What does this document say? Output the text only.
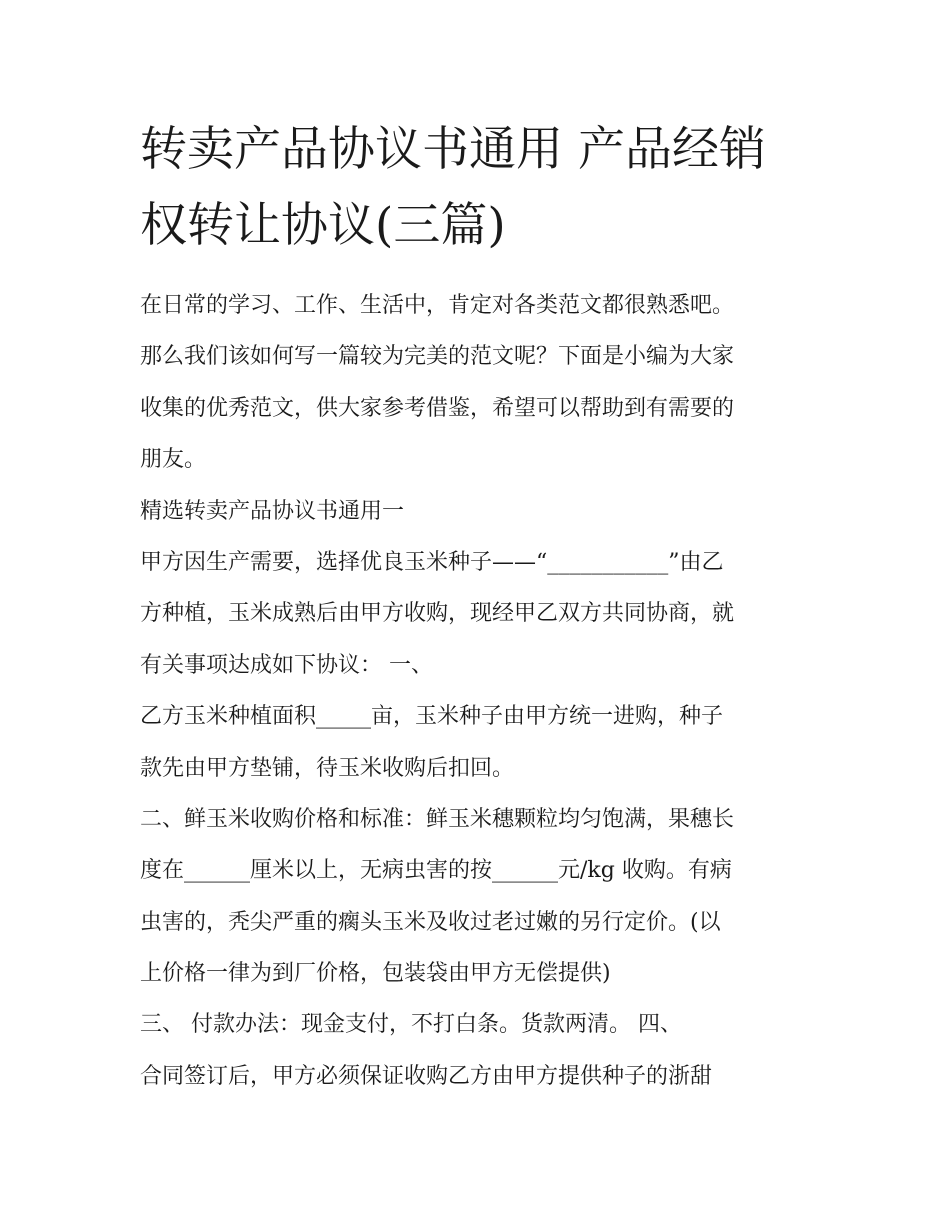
转卖产品协议书通用 产品经销
权转让协议(三篇)

在日常的学习、工作、生活中，肯定对各类范文都很熟悉吧。

那么我们该如何写一篇较为完美的范文呢？下面是小编为大家

收集的优秀范文，供大家参考借鉴，希望可以帮助到有需要的

朋友。

精选转卖产品协议书通用一

甲方因生产需要，选择优良玉米种子——“___________”由乙

方种植，玉米成熟后由甲方收购，现经甲乙双方共同协商，就

有关事项达成如下协议： 一、

乙方玉米种植面积_____亩，玉米种子由甲方统一进购，种子

款先由甲方垫铺，待玉米收购后扣回。

二、鲜玉米收购价格和标准：鲜玉米穗颗粒均匀饱满，果穗长

度在______厘米以上，无病虫害的按______元/kg 收购。有病

虫害的，秃尖严重的瘸头玉米及收过老过嫩的另行定价。(以

上价格一律为到厂价格，包装袋由甲方无偿提供)

三、 付款办法：现金支付，不打白条。货款两清。 四、

合同签订后，甲方必须保证收购乙方由甲方提供种子的浙甜
